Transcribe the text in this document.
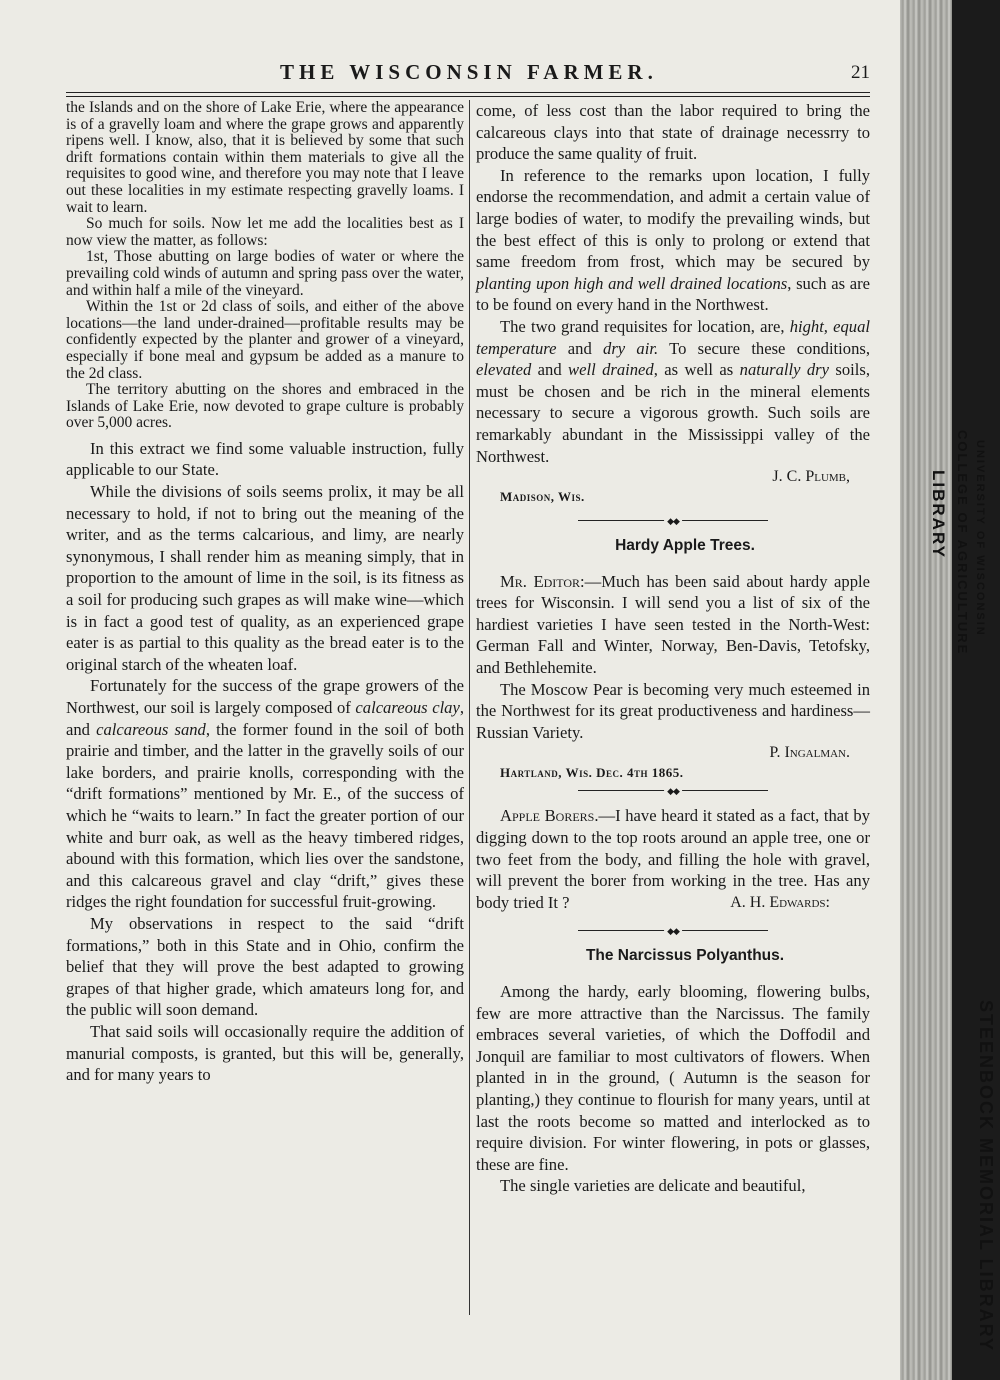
LIBRARY COLLEGE OF AGRICULTURE UNIVERSITY OF WISCONSIN
STEENBOCK MEMORIAL LIBRARY
THE WISCONSIN FARMER.	21

the Islands and on the shore of Lake Erie, where the appearance is of a gravelly loam and where the grape grows and apparently ripens well. I know, also, that it is believed by some that such drift formations contain within them materials to give all the requisites to good wine, and therefore you may note that I leave out these localities in my estimate respecting gravelly loams. I wait to learn.

So much for soils. Now let me add the localities best as I now view the matter, as follows:

1st, Those abutting on large bodies of water or where the prevailing cold winds of autumn and spring pass over the water, and within half a mile of the vineyard.

Within the 1st or 2d class of soils, and either of the above locations—the land under-drained—profitable results may be confidently expected by the planter and grower of a vineyard, especially if bone meal and gypsum be added as a manure to the 2d class.

The territory abutting on the shores and embraced in the Islands of Lake Erie, now devoted to grape culture is probably over 5,000 acres.

In this extract we find some valuable instruction, fully applicable to our State.

While the divisions of soils seems prolix, it may be all necessary to hold, if not to bring out the meaning of the writer, and as the terms calcarious, and limy, are nearly synonymous, I shall render him as meaning simply, that in proportion to the amount of lime in the soil, is its fitness as a soil for producing such grapes as will make wine—which is in fact a good test of quality, as an experienced grape eater is as partial to this quality as the bread eater is to the original starch of the wheaten loaf.

Fortunately for the success of the grape growers of the Northwest, our soil is largely composed of calcareous clay, and calcareous sand, the former found in the soil of both prairie and timber, and the latter in the gravelly soils of our lake borders, and prairie knolls, corresponding with the “drift formations” mentioned by Mr. E., of the success of which he “waits to learn.” In fact the greater portion of our white and burr oak, as well as the heavy timbered ridges, abound with this formation, which lies over the sandstone, and this calcareous gravel and clay “drift,” gives these ridges the right foundation for successful fruit-growing.

My observations in respect to the said “drift formations,” both in this State and in Ohio, confirm the belief that they will prove the best adapted to growing grapes of that higher grade, which amateurs long for, and the public will soon demand.

That said soils will occasionally require the addition of manurial composts, is granted, but this will be, generally, and for many years to

come, of less cost than the labor required to bring the calcareous clays into that state of drainage necessrry to produce the same quality of fruit.

In reference to the remarks upon location, I fully endorse the recommendation, and admit a certain value of large bodies of water, to modify the prevailing winds, but the best effect of this is only to prolong or extend that same freedom from frost, which may be secured by planting upon high and well drained locations, such as are to be found on every hand in the Northwest.

The two grand requisites for location, are, hight, equal temperature and dry air. To secure these conditions, elevated and well drained, as well as naturally dry soils, must be chosen and be rich in the mineral elements necessary to secure a vigorous growth. Such soils are remarkably abundant in the Mississippi valley of the Northwest.

J. C. Plumb,

Madison, Wis.

◆◆

Hardy Apple Trees.

Mr. Editor:—Much has been said about hardy apple trees for Wisconsin. I will send you a list of six of the hardiest varieties I have seen tested in the North-West: German Fall and Winter, Norway, Ben-Davis, Tetofsky, and Bethlehemite.

The Moscow Pear is becoming very much esteemed in the Northwest for its great productiveness and hardiness—Russian Variety.

P. Ingalman.

Hartland, Wis. Dec. 4th 1865.

◆◆

Apple Borers.—I have heard it stated as a fact, that by digging down to the top roots around an apple tree, one or two feet from the body, and filling the hole with gravel, will prevent the borer from working in the tree. Has any body tried It ?	A. H. Edwards:
◆◆

The Narcissus Polyanthus.

Among the hardy, early blooming, flowering bulbs, few are more attractive than the Narcissus. The family embraces several varieties, of which the Doffodil and Jonquil are familiar to most cultivators of flowers. When planted in in the ground, ( Autumn is the season for planting,) they continue to flourish for many years, until at last the roots become so matted and interlocked as to require division. For winter flowering, in pots or glasses, these are fine.

The single varieties are delicate and beautiful,
